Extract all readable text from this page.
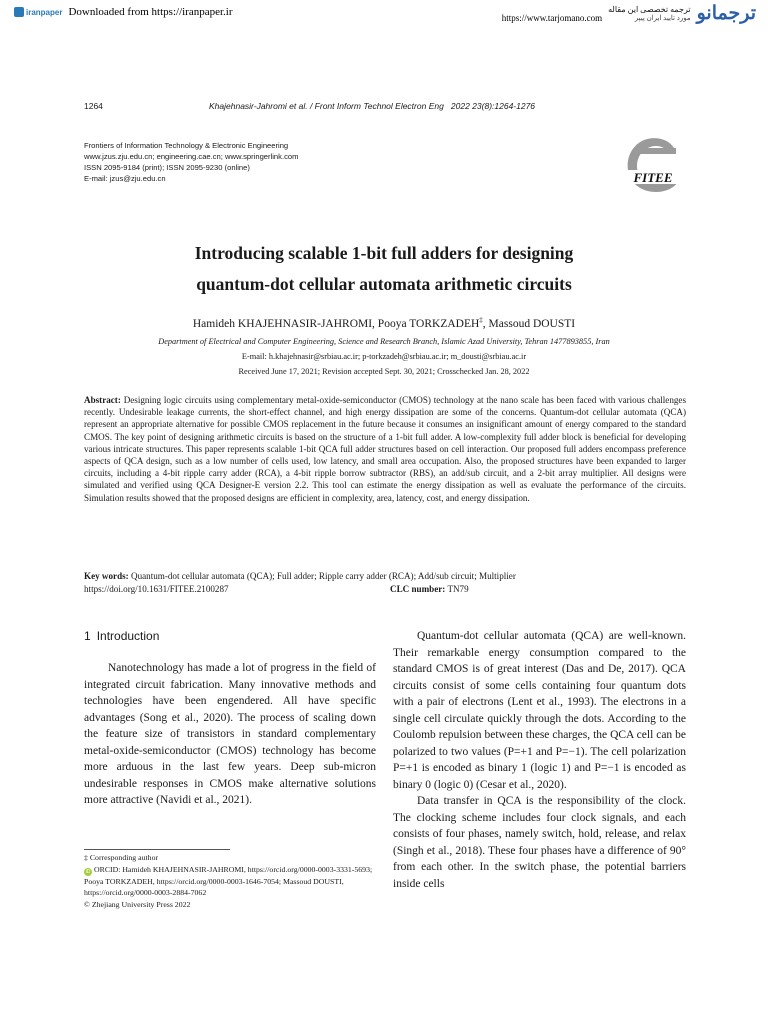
iranpaper Downloaded from https://iranpaper.ir	https://www.tarjomano.com
ترجمه تخصصی این مقاله
مورد تایید ایران پیپر ترجمانو
1264	Khajehnasir-Jahromi et al. / Front Inform Technol Electron Eng 2022 23(8):1264-1276
Frontiers of Information Technology & Electronic Engineering
www.jzus.zju.edu.cn; engineering.cae.cn; www.springerlink.com
ISSN 2095-9184 (print); ISSN 2095-9230 (online)
E-mail: jzus@zju.edu.cn	FITEE
Introducing scalable 1-bit full adders for designing
quantum-dot cellular automata arithmetic circuits
Hamideh KHAJEHNASIR-JAHROMI, Pooya TORKZADEH‡, Massoud DOUSTI
Department of Electrical and Computer Engineering, Science and Research Branch, Islamic Azad University, Tehran 1477893855, Iran
E-mail: h.khajehnasir@srbiau.ac.ir; p-torkzadeh@srbiau.ac.ir; m_dousti@srbiau.ac.ir
Received June 17, 2021; Revision accepted Sept. 30, 2021; Crosschecked Jan. 28, 2022
Abstract: Designing logic circuits using complementary metal-oxide-semiconductor (CMOS) technology at the nano scale has been faced with various challenges recently. Undesirable leakage currents, the short-effect channel, and high energy dissipation are some of the concerns. Quantum-dot cellular automata (QCA) represent an appropriate alternative for possible CMOS replacement in the future because it consumes an insignificant amount of energy compared to the standard CMOS. The key point of designing arithmetic circuits is based on the structure of a 1-bit full adder. A low-complexity full adder block is beneficial for developing various intricate structures. This paper represents scalable 1-bit QCA full adder structures based on cell interaction. Our proposed full adders encompass preference aspects of QCA design, such as a low number of cells used, low latency, and small area occupation. Also, the proposed structures have been expanded to larger circuits, including a 4-bit ripple carry adder (RCA), a 4-bit ripple borrow subtractor (RBS), an add/sub circuit, and a 2-bit array multiplier. All designs were simulated and verified using QCA Designer-E version 2.2. This tool can estimate the energy dissipation as well as evaluate the performance of the circuits. Simulation results showed that the proposed designs are efficient in complexity, area, latency, cost, and energy dissipation.
Key words: Quantum-dot cellular automata (QCA); Full adder; Ripple carry adder (RCA); Add/sub circuit; Multiplier
https://doi.org/10.1631/FITEE.2100287	CLC number: TN79
1 Introduction

Nanotechnology has made a lot of progress in the field of integrated circuit fabrication. Many innovative methods and technologies have been engendered. All have specific advantages (Song et al., 2020). The process of scaling down the feature size of transistors in standard complementary metal-oxide-semiconductor (CMOS) technology has become more arduous in the last few years. Deep sub-micron undesirable responses in CMOS make alternative solutions more attractive (Navidi et al., 2021).

Quantum-dot cellular automata (QCA) are well-known. Their remarkable energy consumption compared to the standard CMOS is of great interest (Das and De, 2017). QCA circuits consist of some cells containing four quantum dots with a pair of electrons (Lent et al., 1993). The electrons in a single cell circulate quickly through the dots. According to the Coulomb repulsion between these charges, the QCA cell can be polarized to two values (P=+1 and P=−1). The cell polarization P=+1 is encoded as binary 1 (logic 1) and P=−1 is encoded as binary 0 (logic 0) (Cesar et al., 2020).

Data transfer in QCA is the responsibility of the clock. The clocking scheme includes four clock signals, and each consists of four phases, namely switch, hold, release, and relax (Singh et al., 2018). These four phases have a difference of 90° from each other. In the switch phase, the potential barriers inside cells

‡ Corresponding author
iD ORCID: Hamideh KHAJEHNASIR-JAHROMI, https://orcid.org/0000-0003-3331-5693; Pooya TORKZADEH, https://orcid.org/0000-0003-1646-7054; Massoud DOUSTI, https://orcid.org/0000-0003-2884-7062
© Zhejiang University Press 2022
